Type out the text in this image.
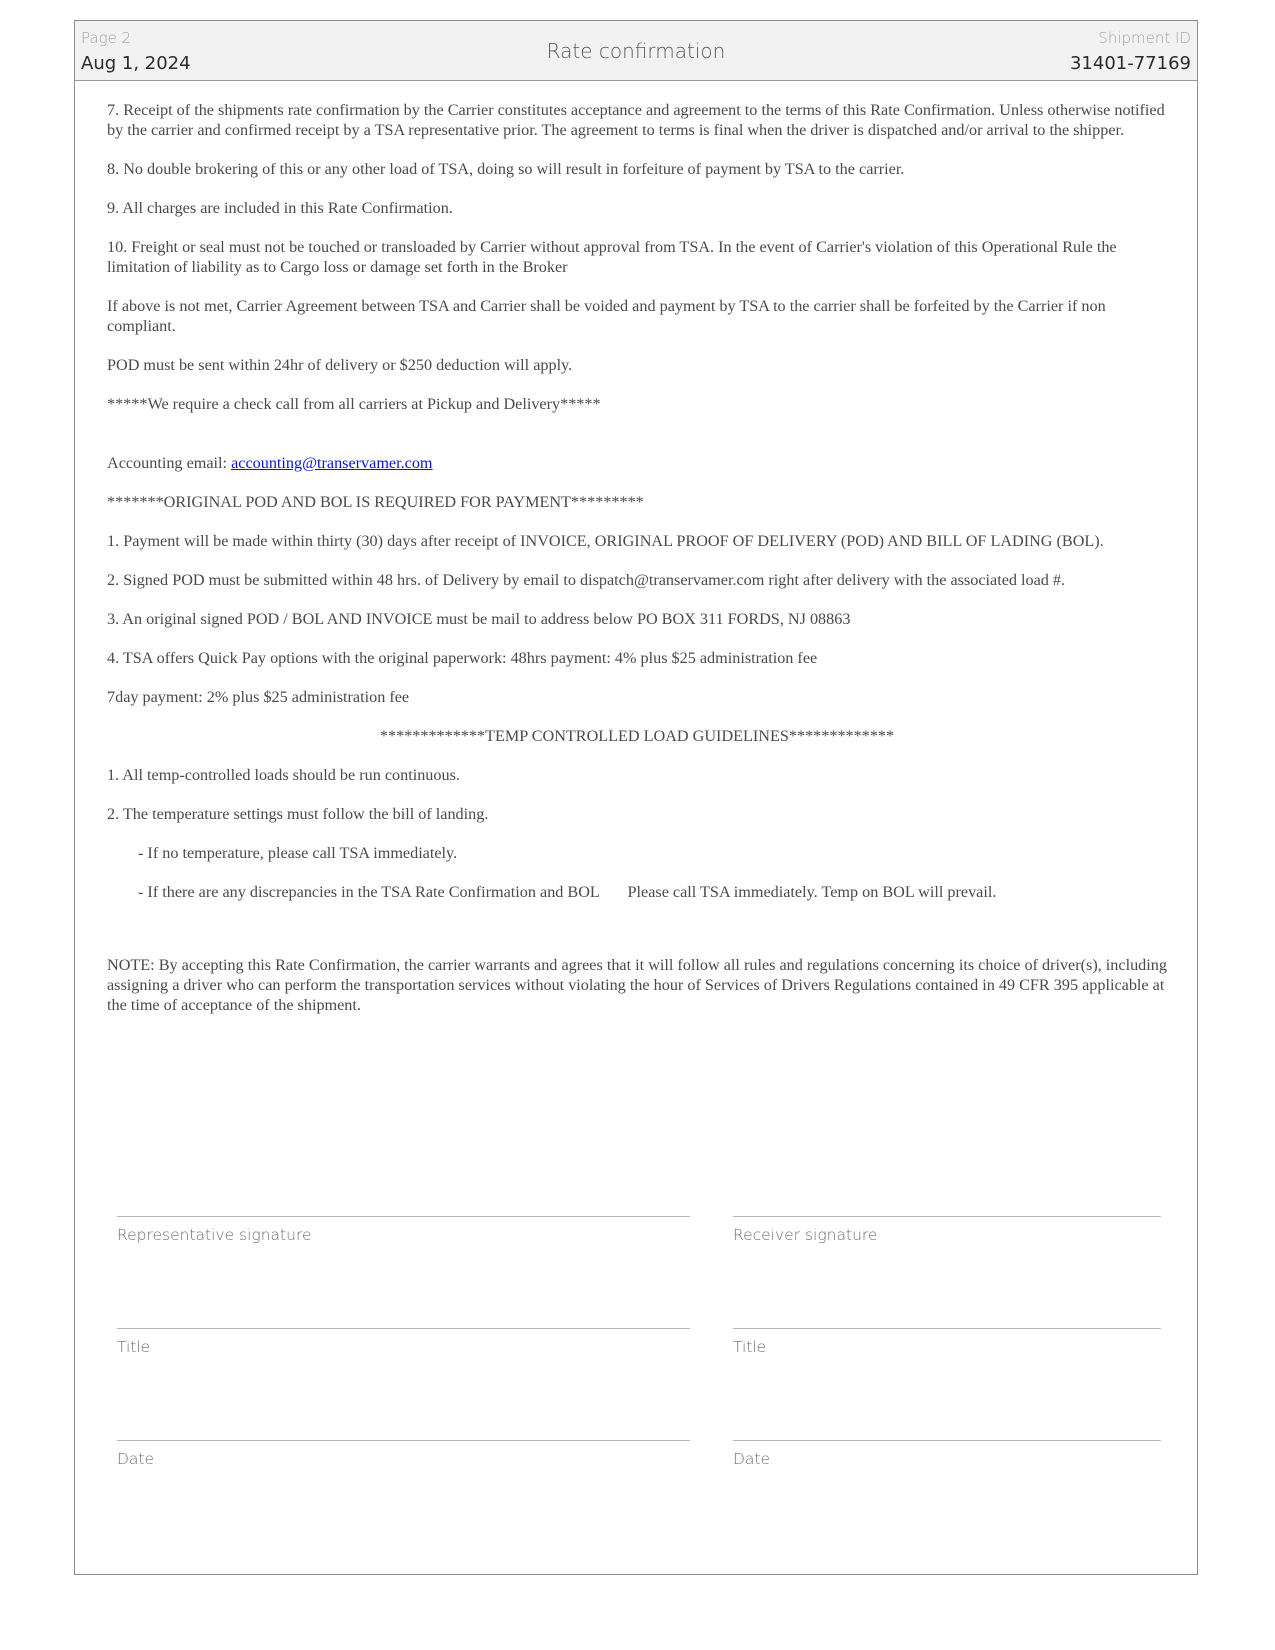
Page 2
Aug 1, 2024
Rate confirmation
Shipment ID
31401-77169

7. Receipt of the shipments rate confirmation by the Carrier constitutes acceptance and agreement to the terms of this Rate Confirmation. Unless otherwise notified by the carrier and confirmed receipt by a TSA representative prior. The agreement to terms is final when the driver is dispatched and/or arrival to the shipper.

8. No double brokering of this or any other load of TSA, doing so will result in forfeiture of payment by TSA to the carrier.

9. All charges are included in this Rate Confirmation.

10. Freight or seal must not be touched or transloaded by Carrier without approval from TSA. In the event of Carrier's violation of this Operational Rule the limitation of liability as to Cargo loss or damage set forth in the Broker

If above is not met, Carrier Agreement between TSA and Carrier shall be voided and payment by TSA to the carrier shall be forfeited by the Carrier if non compliant.

POD must be sent within 24hr of delivery or $250 deduction will apply.

*****We require a check call from all carriers at Pickup and Delivery*****

Accounting email: accounting@transervamer.com

*******ORIGINAL POD AND BOL IS REQUIRED FOR PAYMENT*********

1. Payment will be made within thirty (30) days after receipt of INVOICE, ORIGINAL PROOF OF DELIVERY (POD) AND BILL OF LADING (BOL).

2. Signed POD must be submitted within 48 hrs. of Delivery by email to dispatch@transervamer.com right after delivery with the associated load #.

3. An original signed POD / BOL AND INVOICE must be mail to address below PO BOX 311 FORDS, NJ 08863

4. TSA offers Quick Pay options with the original paperwork: 48hrs payment: 4% plus $25 administration fee

7day payment: 2% plus $25 administration fee

*************TEMP CONTROLLED LOAD GUIDELINES*************

1. All temp-controlled loads should be run continuous.

2. The temperature settings must follow the bill of landing.

- If no temperature, please call TSA immediately.

- If there are any discrepancies in the TSA Rate Confirmation and BOL       Please call TSA immediately. Temp on BOL will prevail.

NOTE: By accepting this Rate Confirmation, the carrier warrants and agrees that it will follow all rules and regulations concerning its choice of driver(s), including assigning a driver who can perform the transportation services without violating the hour of Services of Drivers Regulations contained in 49 CFR 395 applicable at the time of acceptance of the shipment.

Representative signature	Receiver signature
Title	Title
Date	Date
